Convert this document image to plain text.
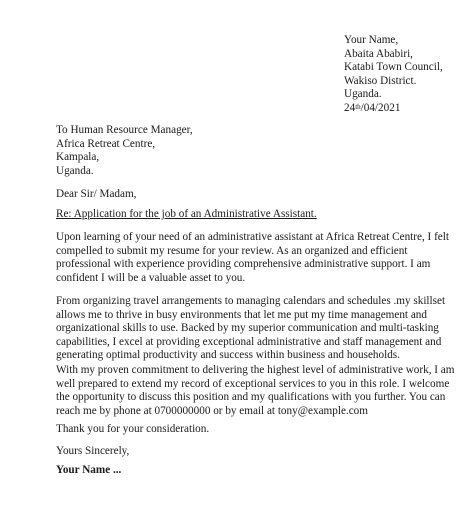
Your Name,
Abaita Ababiri,
Katabi Town Council,
Wakiso District.
Uganda.
24th/04/2021
To Human Resource Manager,
Africa Retreat Centre,
Kampala,
Uganda.
Dear Sir/ Madam,
Re: Application for the job of an Administrative Assistant.
Upon learning of your need of an administrative assistant at Africa Retreat Centre, I felt
compelled to submit my resume for your review. As an organized and efficient
professional with experience providing comprehensive administrative support. I am
confident I will be a valuable asset to you.
From organizing travel arrangements to managing calendars and schedules .my skillset
allows me to thrive in busy environments that let me put my time management and
organizational skills to use. Backed by my superior communication and multi-tasking
capabilities, I excel at providing exceptional administrative and staff management and
generating optimal productivity and success within business and households.
With my proven commitment to delivering the highest level of administrative work, I am
well prepared to extend my record of exceptional services to you in this role. I welcome
the opportunity to discuss this position and my qualifications with you further. You can
reach me by phone at 0700000000 or by email at tony@example.com
Thank you for your consideration.
Yours Sincerely,
Your Name ...
